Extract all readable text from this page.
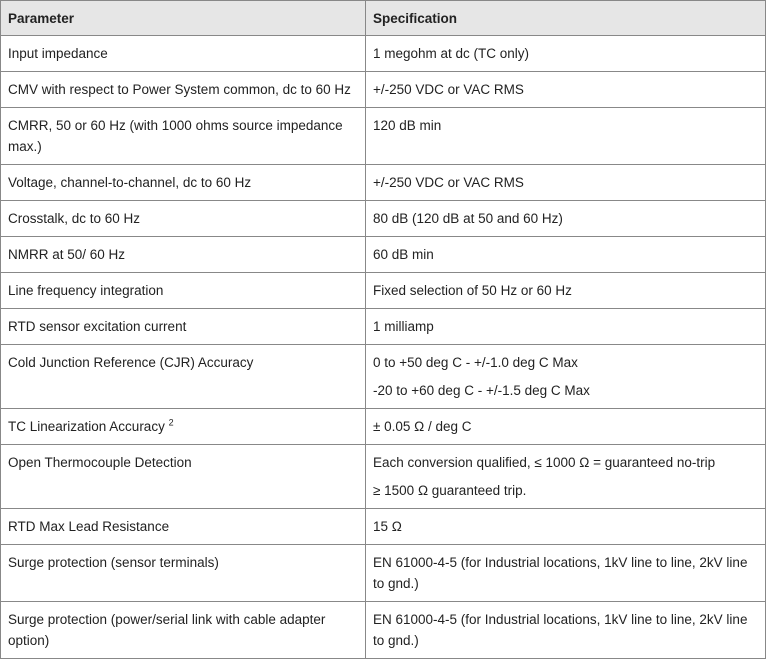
Parameter	Specification
Input impedance	1 megohm at dc (TC only)

CMV with respect to Power System common, dc to 60 Hz	+/-250 VDC or VAC RMS

CMRR, 50 or 60 Hz (with 1000 ohms source impedance max.)	120 dB min

Voltage, channel-to-channel, dc to 60 Hz	+/-250 VDC or VAC RMS

Crosstalk, dc to 60 Hz	80 dB (120 dB at 50 and 60 Hz)

NMRR at 50/ 60 Hz	60 dB min

Line frequency integration	Fixed selection of 50 Hz or 60 Hz

RTD sensor excitation current	1 milliamp

Cold Junction Reference (CJR) Accuracy	0 to +50 deg C - +/-1.0 deg C Max
-20 to +60 deg C - +/-1.5 deg C Max

TC Linearization Accuracy $^2$	± 0.05 Ω / deg C

Open Thermocouple Detection	Each conversion qualified, ≤ 1000 Ω = guaranteed no-trip
≥ 1500 Ω guaranteed trip.

RTD Max Lead Resistance	15 Ω

Surge protection (sensor terminals)	EN 61000-4-5 (for Industrial locations, 1kV line to line, 2kV line to gnd.)

Surge protection (power/serial link with cable adapter option)	EN 61000-4-5 (for Industrial locations, 1kV line to line, 2kV line to gnd.)
